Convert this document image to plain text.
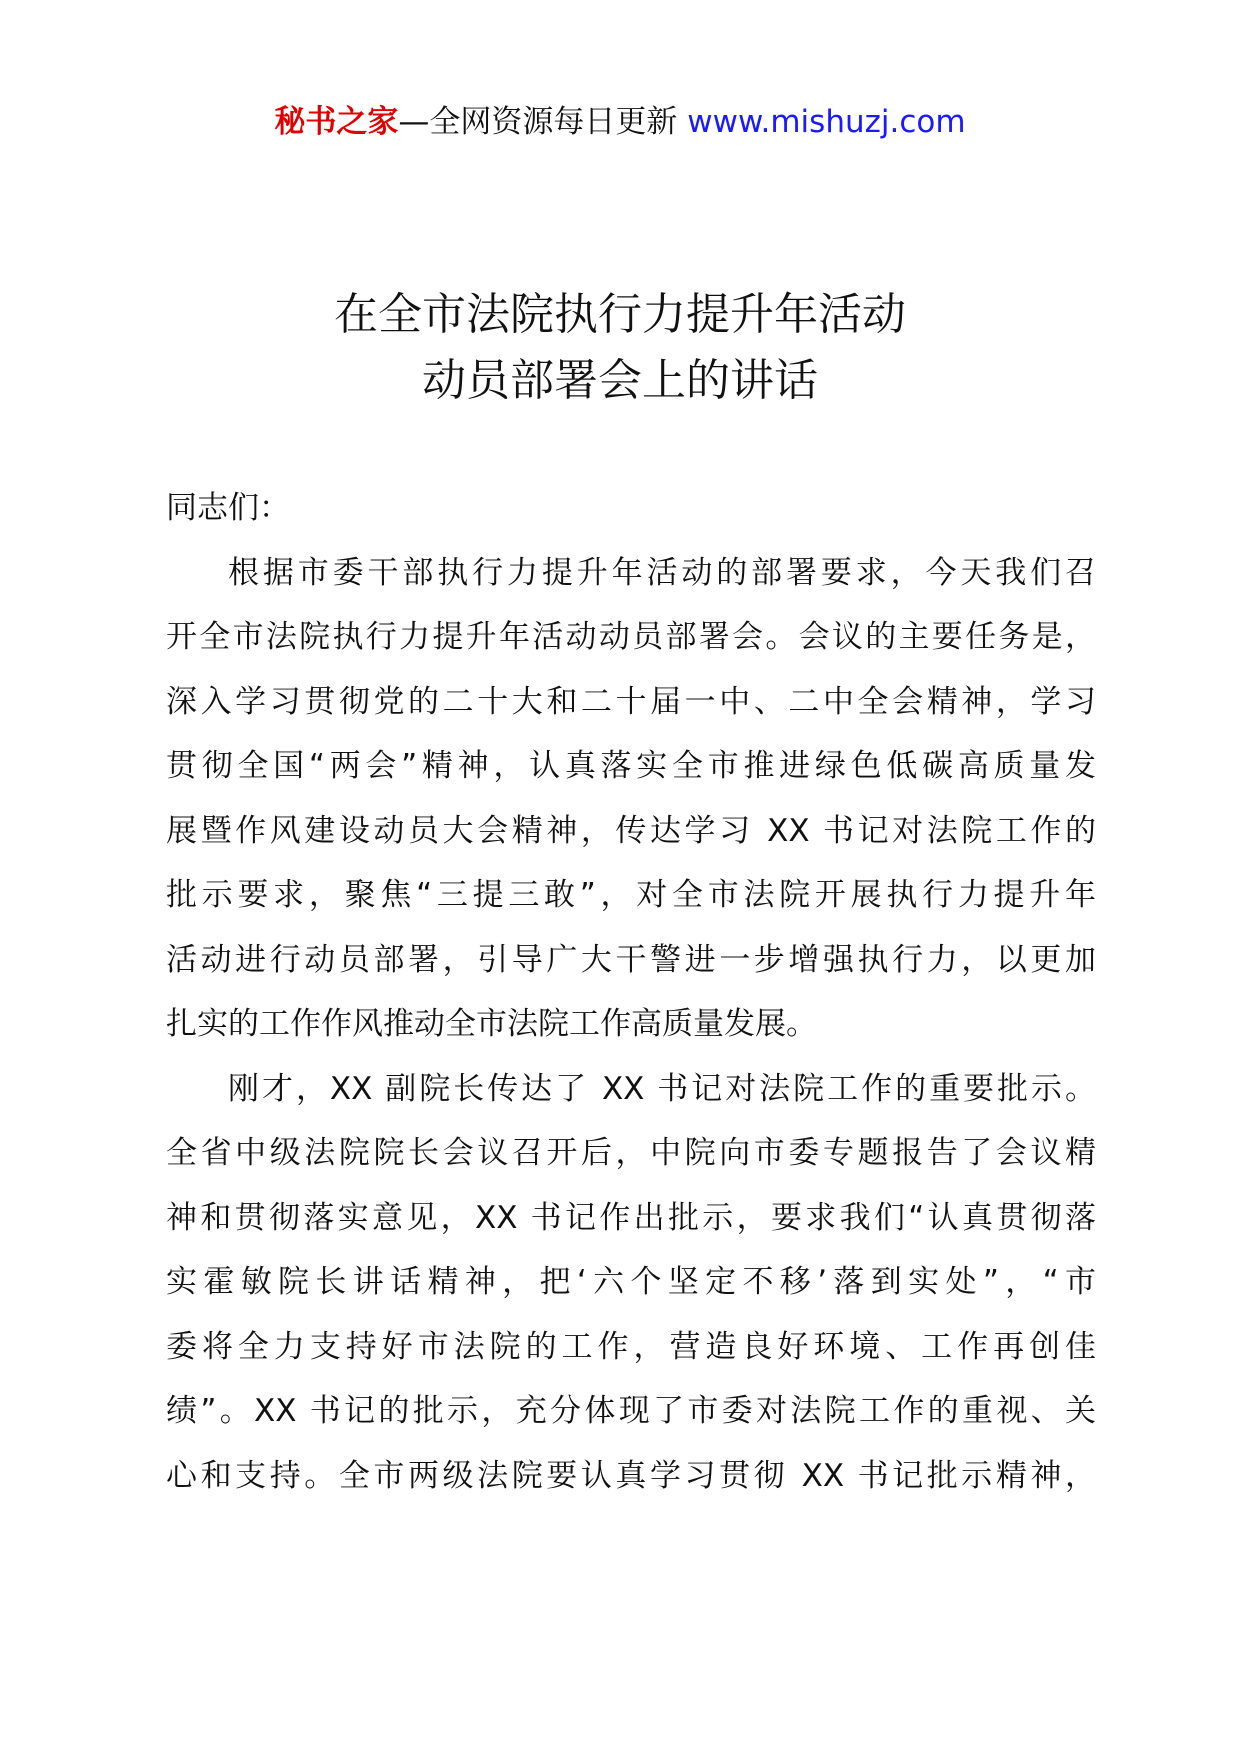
秘书之家—全网资源每日更新 www.mishuzj.com
在全市法院执行力提升年活动
动员部署会上的讲话
同志们：
根据市委干部执行力提升年活动的部署要求，今天我们召
开全市法院执行力提升年活动动员部署会。会议的主要任务是，
深入学习贯彻党的二十大和二十届一中、二中全会精神，学习
贯彻全国“两会”精神，认真落实全市推进绿色低碳高质量发
展暨作风建设动员大会精神，传达学习 XX 书记对法院工作的
批示要求，聚焦“三提三敢”，对全市法院开展执行力提升年
活动进行动员部署，引导广大干警进一步增强执行力，以更加
扎实的工作作风推动全市法院工作高质量发展。
刚才，XX 副院长传达了 XX 书记对法院工作的重要批示。
全省中级法院院长会议召开后，中院向市委专题报告了会议精
神和贯彻落实意见，XX 书记作出批示，要求我们“认真贯彻落
实霍敏院长讲话精神，把‘六个坚定不移’落到实处”，“市
委将全力支持好市法院的工作，营造良好环境、工作再创佳
绩”。XX 书记的批示，充分体现了市委对法院工作的重视、关
心和支持。全市两级法院要认真学习贯彻 XX 书记批示精神，
